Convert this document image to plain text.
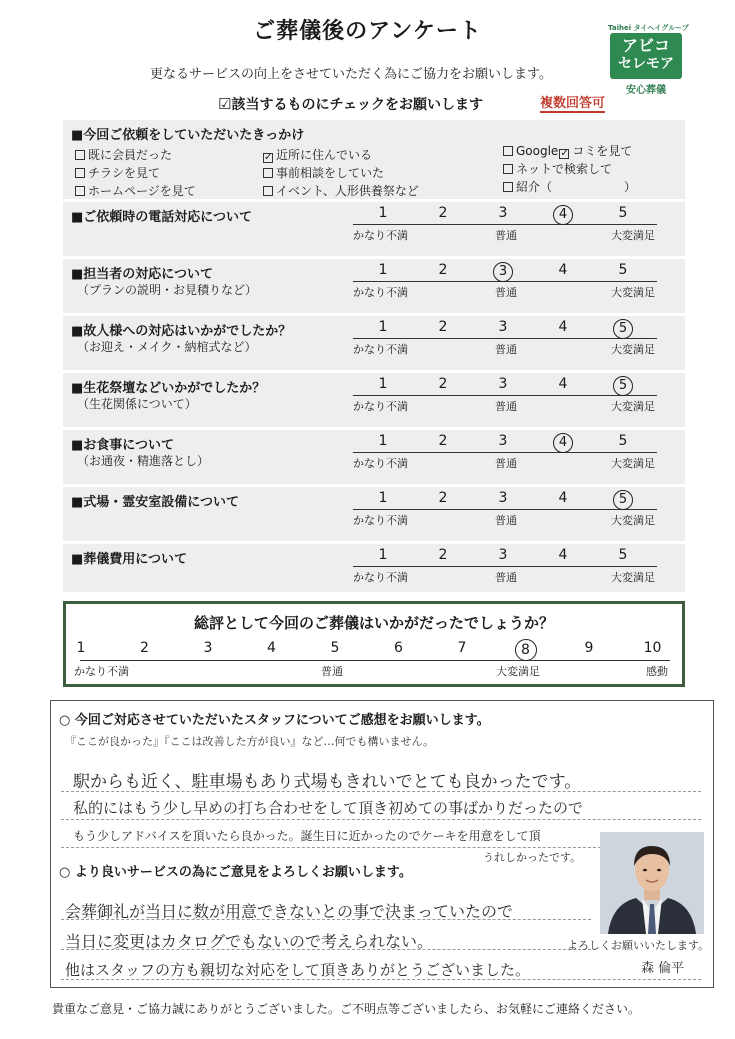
ご葬儀後のアンケート
更なるサービスの向上をさせていただく為にご協力をお願いします。
☑該当するものにチェックをお願いします	複数回答可
Taihei タイヘイグループ
アビコ
セレモア
安心葬儀
■今回ご依頼をしていただいたきっかけ
既に会員だった
チラシを見て
ホームページを見て
✓ 近所に住んでいる
事前相談をしていた
イベント、人形供養祭など
Google ✓ コミを見て
ネットで検索して
紹介（　　　　　　）
■ご依頼時の電話対応について	1	2	3	4	5
かなり不満	普通	大変満足
■担当者の対応について
（プランの説明・お見積りなど）
1	2	3	4	5
かなり不満	普通	大変満足
■故人様への対応はいかがでしたか？
（お迎え・メイク・納棺式など）
1	2	3	4	5
かなり不満	普通	大変満足
■生花祭壇などいかがでしたか？
（生花関係について）
1	2	3	4	5
かなり不満	普通	大変満足
■お食事について
（お通夜・精進落とし）
1	2	3	4	5
かなり不満	普通	大変満足
■式場・霊安室設備について	1	2	3	4	5
かなり不満	普通	大変満足
■葬儀費用について	1	2	3	4	5
かなり不満	普通	大変満足
総評として今回のご葬儀はいかがだったでしょうか？
かなり不満	普通	大変満足	感動
1	2	3	4	5	6	7	8	9	10
○ 今回ご対応させていただいたスタッフについてご感想をお願いします。
『ここが良かった』『ここは改善した方が良い』など…何でも構いません。
駅からも近く、駐車場もあり式場もきれいでとても良かったです。
私的にはもう少し早めの打ち合わせをして頂き初めての事ばかりだったので
もう少しアドバイスを頂いたら良かった。誕生日に近かったのでケーキを用意をして頂
うれしかったです。
○ より良いサービスの為にご意見をよろしくお願いします。
会葬御礼が当日に数が用意できないとの事で決まっていたので
当日に変更はカタログでもないので考えられない。
他はスタッフの方も親切な対応をして頂きありがとうございました。
よろしくお願いいたします。
森 倫平
貴重なご意見・ご協力誠にありがとうございました。ご不明点等ございましたら、お気軽にご連絡ください。
